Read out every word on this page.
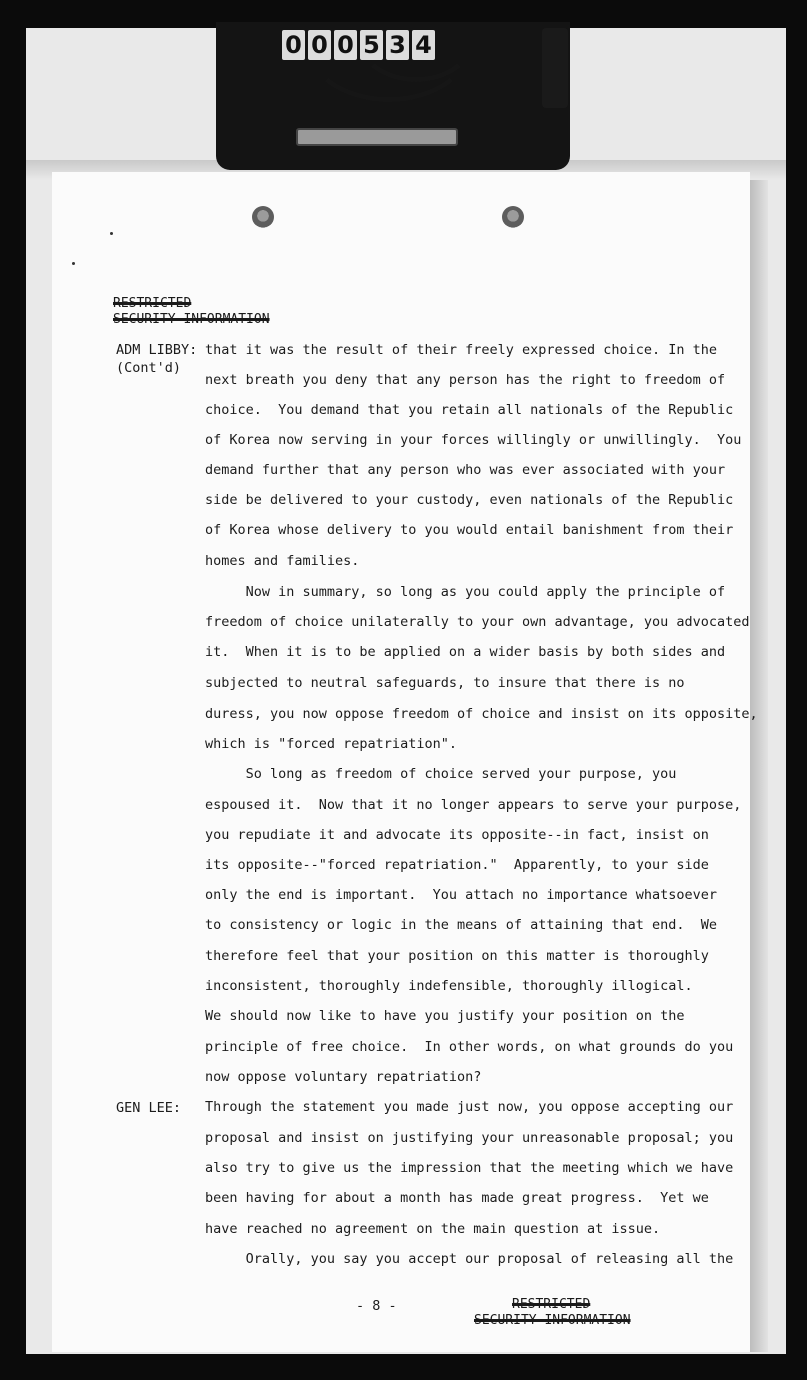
0 0 0 5 3 4
RESTRICTED
SECURITY INFORMATION
ADM LIBBY:
(Cont'd)
GEN LEE:
that it was the result of their freely expressed choice. In the
next breath you deny that any person has the right to freedom of
choice.  You demand that you retain all nationals of the Republic
of Korea now serving in your forces willingly or unwillingly.  You
demand further that any person who was ever associated with your
side be delivered to your custody, even nationals of the Republic
of Korea whose delivery to you would entail banishment from their
homes and families.
Now in summary, so long as you could apply the principle of
freedom of choice unilaterally to your own advantage, you advocated
it.  When it is to be applied on a wider basis by both sides and
subjected to neutral safeguards, to insure that there is no
duress, you now oppose freedom of choice and insist on its opposite,
which is "forced repatriation".
So long as freedom of choice served your purpose, you
espoused it.  Now that it no longer appears to serve your purpose,
you repudiate it and advocate its opposite--in fact, insist on
its opposite--"forced repatriation."  Apparently, to your side
only the end is important.  You attach no importance whatsoever
to consistency or logic in the means of attaining that end.  We
therefore feel that your position on this matter is thoroughly
inconsistent, thoroughly indefensible, thoroughly illogical.
We should now like to have you justify your position on the
principle of free choice.  In other words, on what grounds do you
now oppose voluntary repatriation?
Through the statement you made just now, you oppose accepting our
proposal and insist on justifying your unreasonable proposal; you
also try to give us the impression that the meeting which we have
been having for about a month has made great progress.  Yet we
have reached no agreement on the main question at issue.
Orally, you say you accept our proposal of releasing all the
- 8 -	RESTRICTED
SECURITY INFORMATION
